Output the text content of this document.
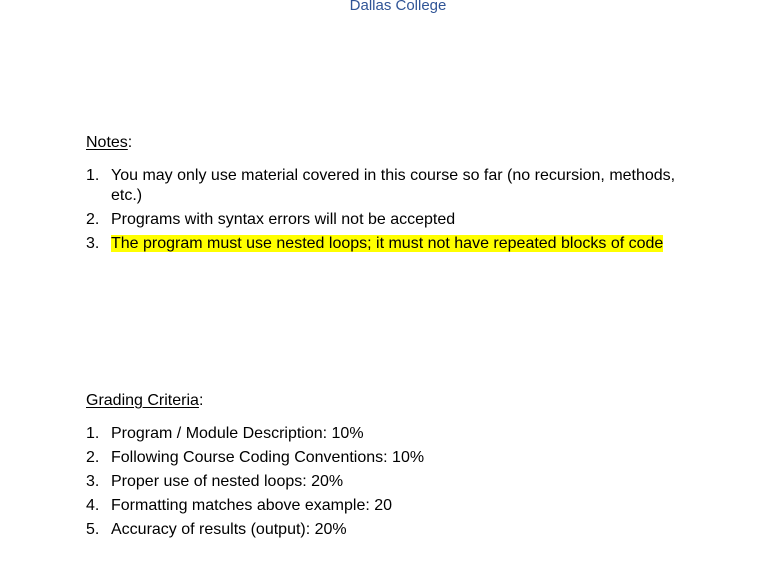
Dallas College
Notes:
1. You may only use material covered in this course so far (no recursion, methods, etc.)
2. Programs with syntax errors will not be accepted
3. The program must use nested loops; it must not have repeated blocks of code
Grading Criteria:
1. Program / Module Description: 10%
2. Following Course Coding Conventions: 10%
3. Proper use of nested loops: 20%
4. Formatting matches above example: 20
5. Accuracy of results (output): 20%
